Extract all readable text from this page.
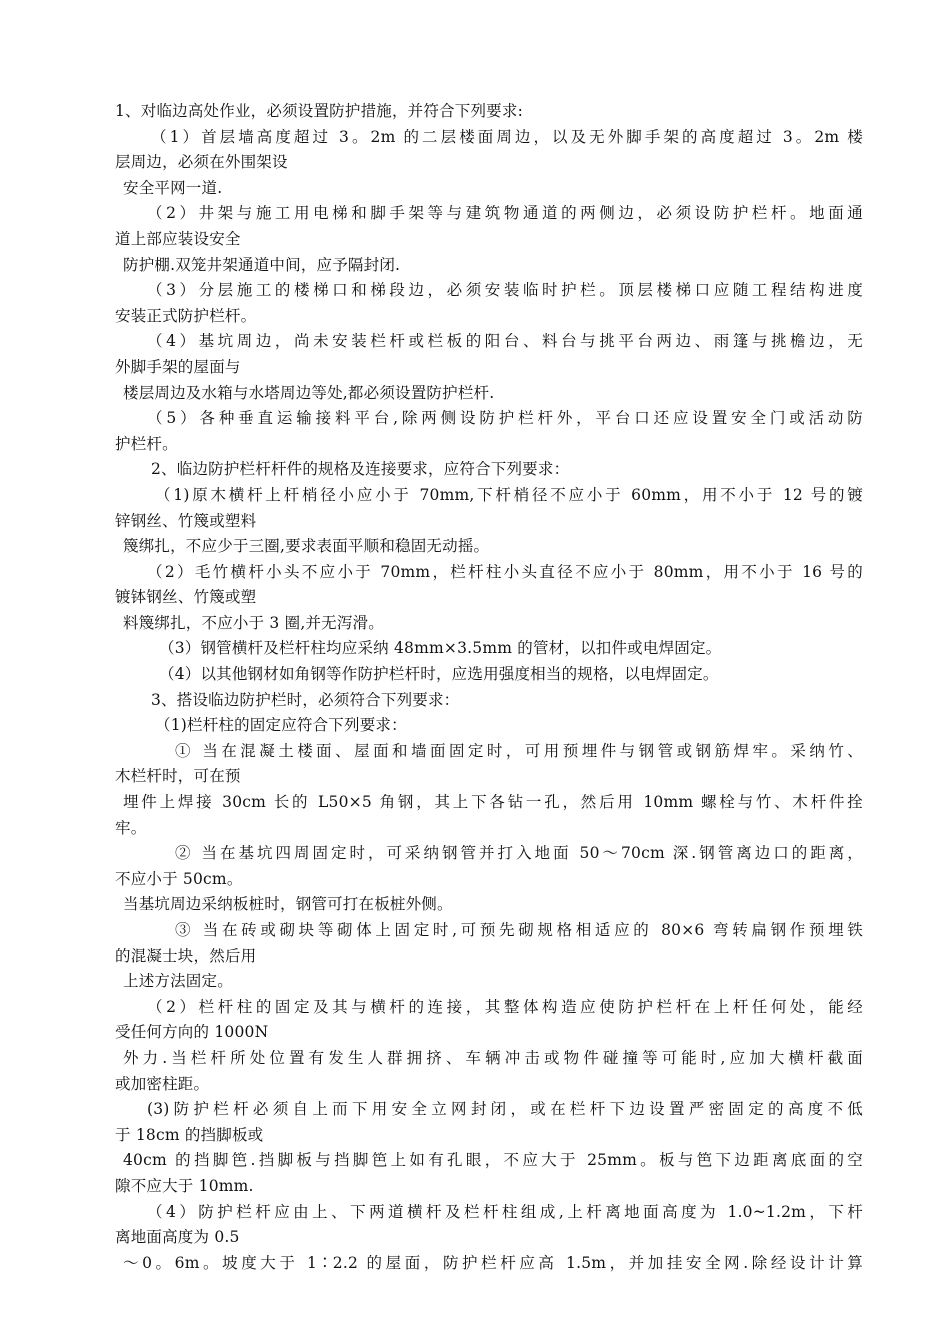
1、对临边高处作业，必须设置防护措施，并符合下列要求:
（1）首层墙高度超过 3。2m 的二层楼面周边，以及无外脚手架的高度超过 3。2m 楼
层周边，必须在外围架设
安全平网一道.
（2）井架与施工用电梯和脚手架等与建筑物通道的两侧边，必须设防护栏杆。地面通
道上部应装设安全
防护棚.双笼井架通道中间，应予隔封闭.
（3）分层施工的楼梯口和梯段边，必须安装临时护栏。顶层楼梯口应随工程结构进度
安装正式防护栏杆。
（4）基坑周边，尚未安装栏杆或栏板的阳台、料台与挑平台两边、雨篷与挑檐边，无
外脚手架的屋面与
楼层周边及水箱与水塔周边等处,都必须设置防护栏杆.
（5）各种垂直运输接料平台,除两侧设防护栏杆外，平台口还应设置安全门或活动防
护栏杆。
2、临边防护栏杆杆件的规格及连接要求，应符合下列要求：
（1)原木横杆上杆梢径小应小于 70mm,下杆梢径不应小于 60mm，用不小于 12 号的镀
锌钢丝、竹篾或塑料
篾绑扎，不应少于三圈,要求表面平顺和稳固无动摇。
（2）毛竹横杆小头不应小于 70mm，栏杆柱小头直径不应小于 80mm，用不小于 16 号的
镀钵钢丝、竹篾或塑
料篾绑扎，不应小于 3 圈,并无泻滑。
（3）钢管横杆及栏杆柱均应采纳 48mm×3.5mm 的管材，以扣件或电焊固定。
（4）以其他钢材如角钢等作防护栏杆时，应选用强度相当的规格，以电焊固定。
3、搭设临边防护栏时，必须符合下列要求：
（1)栏杆柱的固定应符合下列要求：
① 当在混凝土楼面、屋面和墙面固定时，可用预埋件与钢管或钢筋焊牢。采纳竹、
木栏杆时，可在预
埋件上焊接 30cm 长的 L50×5 角钢，其上下各钻一孔，然后用 10mm 螺栓与竹、木杆件拴
牢。
② 当在基坑四周固定时，可采纳钢管并打入地面 50～70cm 深.钢管离边口的距离，
不应小于 50cm。
当基坑周边采纳板桩时，钢管可打在板桩外侧。
③ 当在砖或砌块等砌体上固定时,可预先砌规格相适应的 80×6 弯转扁钢作预埋铁
的混凝士块，然后用
上述方法固定。
（2）栏杆柱的固定及其与横杆的连接，其整体构造应使防护栏杆在上杆任何处，能经
受任何方向的 1000N
外力.当栏杆所处位置有发生人群拥挤、车辆冲击或物件碰撞等可能时,应加大横杆截面
或加密柱距。
(3)防护栏杆必须自上而下用安全立网封闭，或在栏杆下边设置严密固定的高度不低
于 18cm 的挡脚板或
40cm 的挡脚笆.挡脚板与挡脚笆上如有孔眼，不应大于 25mm。板与笆下边距离底面的空
隙不应大于 10mm.
（4）防护栏杆应由上、下两道横杆及栏杆柱组成,上杆离地面高度为 1.0~1.2m，下杆
离地面高度为 0.5
～0。6m。坡度大于 1∶2.2 的屋面，防护栏杆应高 1.5m，并加挂安全网.除经设计计算
